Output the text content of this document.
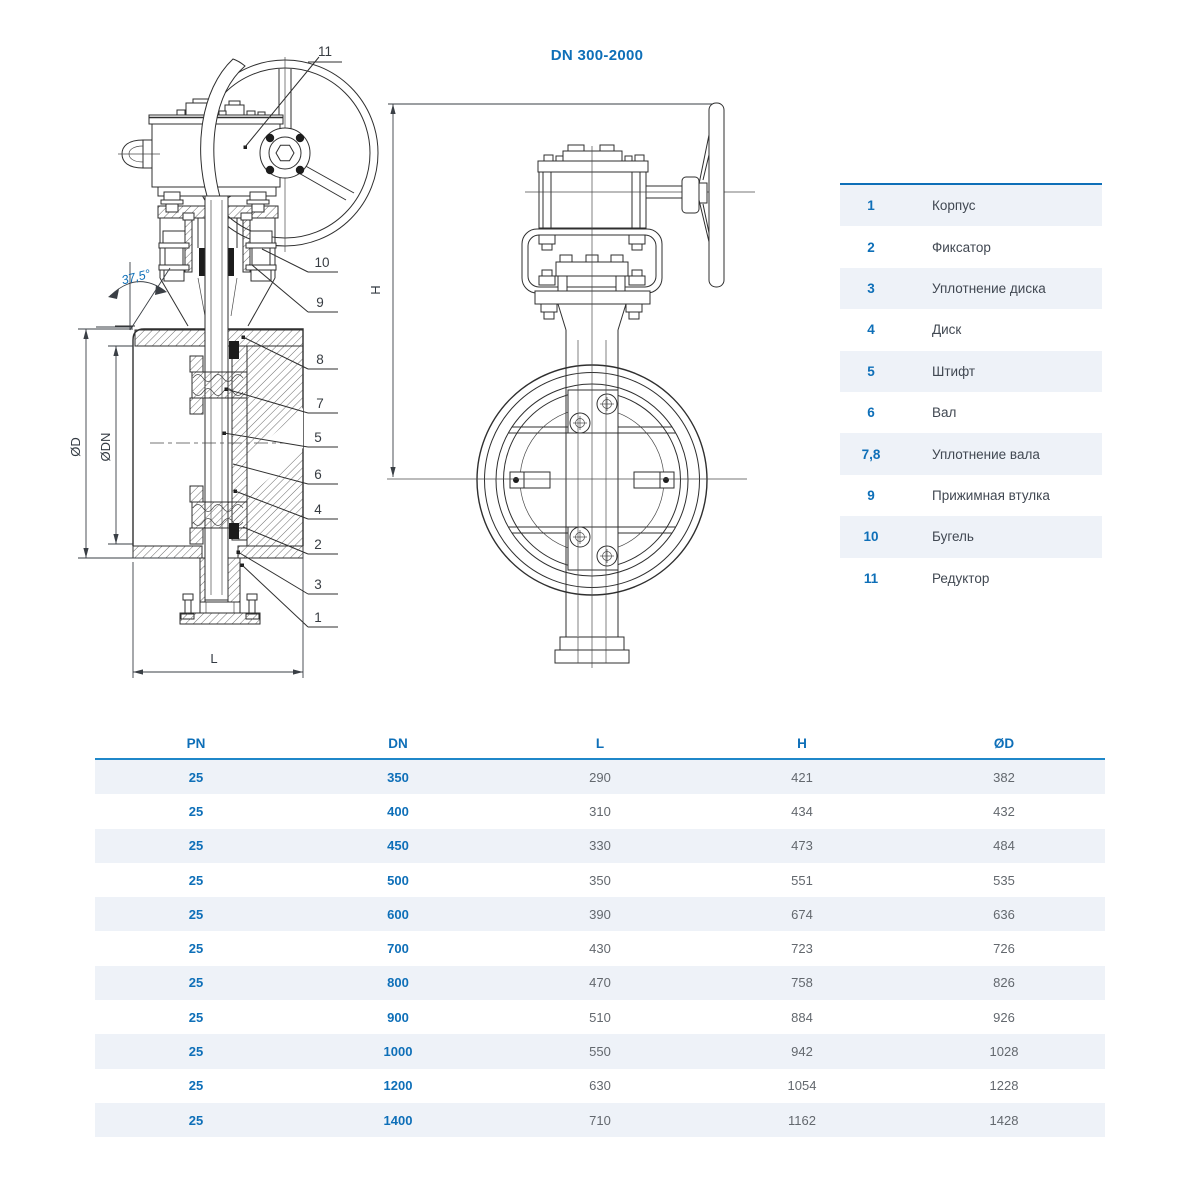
DN 300-2000
37,5°
ØD ØDN
L
11
10
9
8
7
5
6
4
2
3
1
H
1	Корпус
2	Фиксатор
3	Уплотнение диска
4	Диск
5	Штифт
6	Вал
7,8	Уплотнение вала
9	Прижимная втулка
10	Бугель
11	Редуктор
PN	DN	L	H	ØD
25	350	290	421	382
25	400	310	434	432
25	450	330	473	484
25	500	350	551	535
25	600	390	674	636
25	700	430	723	726
25	800	470	758	826
25	900	510	884	926
25	1000	550	942	1028
25	1200	630	1054	1228
25	1400	710	1162	1428
